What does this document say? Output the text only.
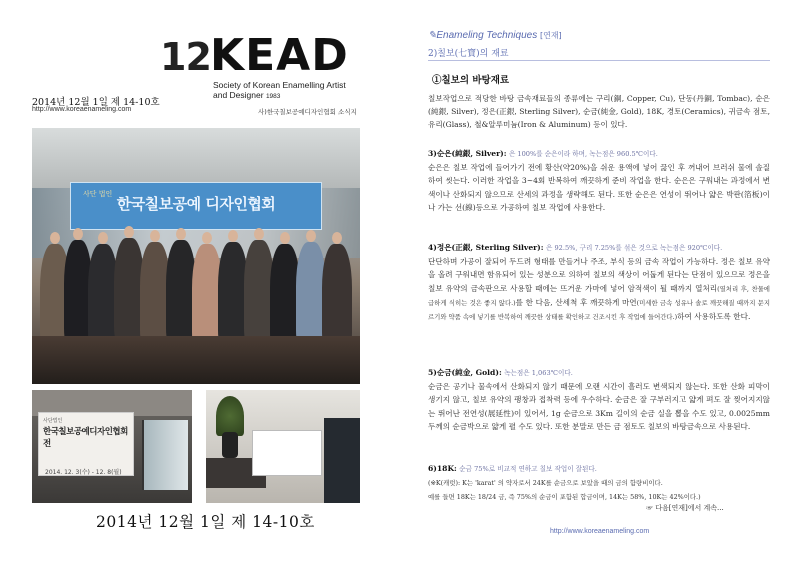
12 KEAD
Society of Korean Enamelling Artist
and Designer 1983
사)한국칠보공예디자인협회 소식지
2014년 12월 1일 제 14-10호
http://www.koreaenameling.com
사단 법인
한국칠보공예 디자인협회
사단법인
한국칠보공예디자인협회전
2014. 12. 3(수) - 12. 8(월)
2014년 12월 1일 제 14-10호
✎Enameling Techniques [연재]
2)칠보(七寶)의 재료
①칠보의 바탕재료
칠보작업으로 적당한 바탕 금속재료들의 종류에는 구리(銅, Copper, Cu), 단동(丹銅, Tombac), 순은(純銀, Silver), 정은(正銀, Sterling Silver), 순금(純金, Gold), 18K, 경토(Ceramics), 귀금속 점토, 유리(Glass), 철&알루미늄(Iron & Aluminum) 등이 있다.
3)순은(純銀, Silver): 은 100%를 순은이라 하며, 녹는점은 960.5℃이다.
순은은 칠보 작업에 들어가기 전에 황산(약20%)을 쉬운 용액에 넣어 끓인 후 꺼내어 브러쉬 물에 솔질하여 씻는다. 이러한 작업을 3~4회 반복하여 깨끗하게 준비 작업을 한다. 순은은 구워내는 과정에서 변색이나 산화되지 않으므로 산세의 과정을 생략해도 된다. 또한 순은은 연성이 뛰어나 얇은 박판(箔板)이나 가는 선(線)등으로 가공하여 칠보 작업에 사용한다.
4)정은(正銀, Sterling Silver): 은 92.5%, 구리 7.25%를 섞은 것으로 녹는점은 920℃이다.
단단하며 가공이 잘되어 두드려 형태를 만들거나 주조, 부식 등의 금속 작업이 가능하다. 정은 칠보 유약을 올려 구워내면 함유되어 있는 성분으로 의하여 칠보의 색상이 어둡게 된다는 단점이 있으므로 정은을 칠보 유약의 금속판으로 사용할 때에는 뜨거운 가마에 넣어 암적색이 될 때까지 열처리(열처리 후, 찬물에 급하게 식히는 것은 좋지 않다.)를 한 다음, 산세척 후 깨끗하게 마연(미세한 금속 성유나 솔로 깨끗해질 때까지 문지르기와 약품 속에 넣기를 반복하여 깨끗한 상태를 확인하고 건조시킨 후 작업에 들어간다.)하여 사용하도록 한다.
5)순금(純金, Gold): 녹는점은 1,063℃이다.
순금은 공기나 물속에서 산화되지 않기 때문에 오랜 시간이 흘러도 변색되지 않는다. 또한 산화 피막이 생기지 않고, 칠보 유약의 팽창과 접착력 등에 우수하다. 순금은 잘 구부러지고 얇게 펴도 잘 찢어지지않는 뛰어난 전연성(展延性)이 있어서, 1g 순금으로 3Km 길이의 순금 실을 뽑을 수도 있고, 0.0025mm 두께의 순금박으로 얇게 펼 수도 있다. 또한 분말로 만든 금 점토도 칠보의 바탕금속으로 사용된다.
6)18K: 순금 75%로 비교적 연하고 칠보 작업이 잘된다.
(※K(캐럿): K는 'karat' 의 약자로서 24K를 순금으로 보았을 때의 금의 함량비이다.
예를 들면 18K는 18/24 금, 즉 75%의 순금이 포함된 합금이며, 14K는 58%, 10K는 42%이다.)
☞ 다음[연재]에서 계속...
http://www.koreaenameling.com
